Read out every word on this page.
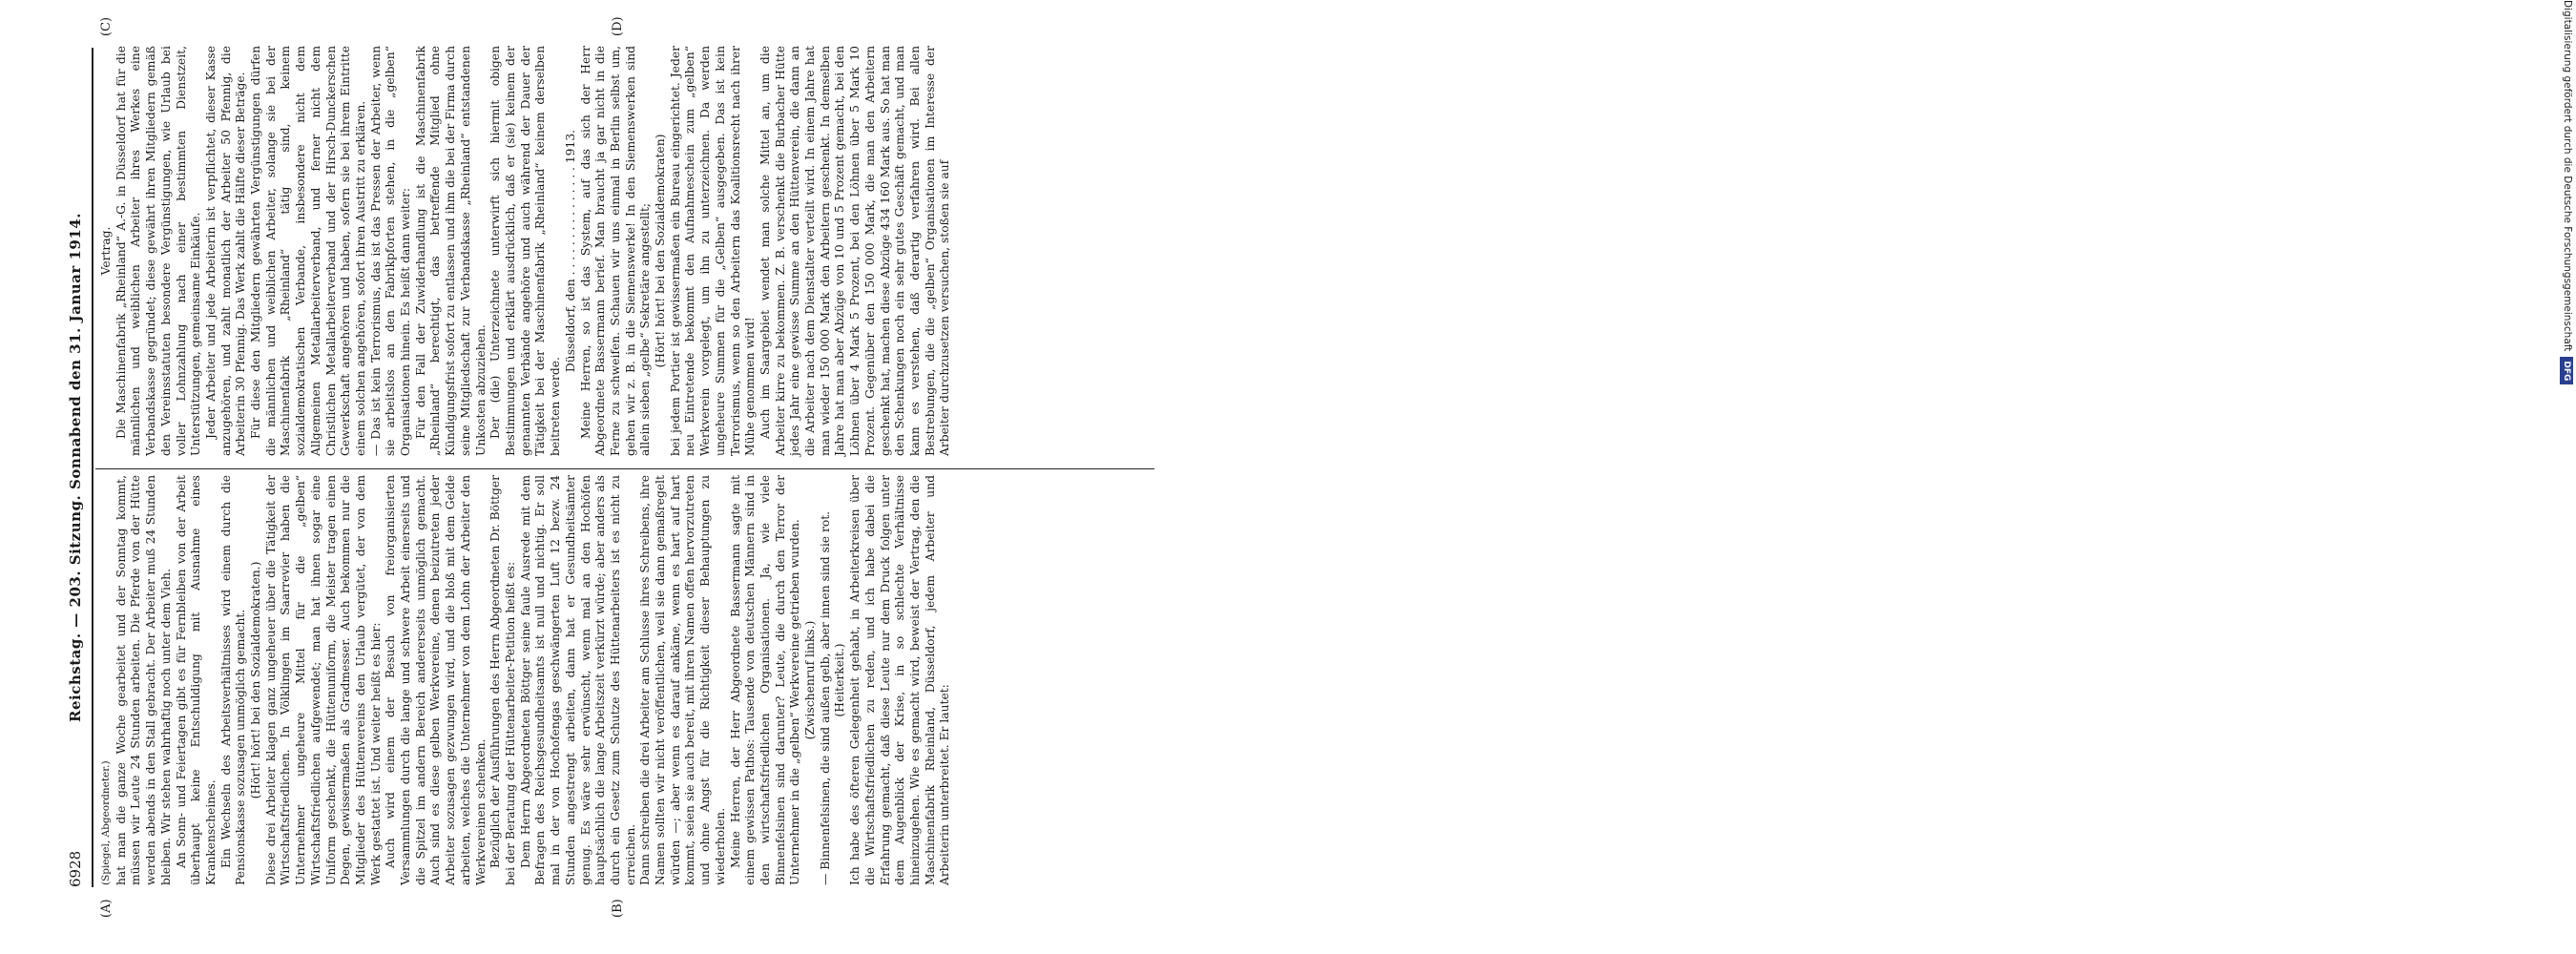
6928
Reichstag. — 203. Sitzung. Sonnabend den 31. Januar 1914.
(A)	(B)
(C)	(D)

(Spiegel, Abgeordneter.) hat man die ganze Woche gearbeitet und der Sonntag kommt, müssen wir Leute 24 Stunden arbeiten. Die Pferde von der Hütte werden abends in den Stall gebracht. Der Arbeiter muß 24 Stunden bleiben. Wir stehen wahrhaftig noch unter dem Vieh. An Sonn- und Feiertagen gibt es für Fernbleiben von der Arbeit überhaupt keine Entschuldigung mit Ausnahme eines Krankenscheines. Ein Wechseln des Arbeitsverhältnisses wird einem durch die Pensionskasse sozusagen unmöglich gemacht. (Hört! hört! bei den Sozialdemokraten.) Diese drei Arbeiter klagen ganz ungeheuer über die Tätigkeit der Wirtschaftsfriedlichen. In Völklingen im Saarrevier haben die Unternehmer ungeheure Mittel für die „gelben“ Wirtschaftsfriedlichen aufgewendet; man hat ihnen sogar eine Uniform geschenkt, die Hüttenuniform, die Meister tragen einen Degen, gewissermaßen als Gradmesser. Auch bekommen nur die Mitglieder des Hüttenvereins den Urlaub vergütet, der von dem Werk gestattet ist. Und weiter heißt es hier: Auch wird einem der Besuch von freiorganisierten Versammlungen durch die lange und schwere Arbeit einerseits und die Spitzel im andern Bereich andererseits unmöglich gemacht. Auch sind es diese gelben Werkvereine, denen beizutreten jeder Arbeiter sozusagen gezwungen wird, und die bloß mit dem Gelde arbeiten, welches die Unternehmer von dem Lohn der Arbeiter den Werkvereinen schenken. Bezüglich der Ausführungen des Herrn Abgeordneten Dr. Böttger bei der Beratung der Hüttenarbeiter-Petition heißt es: Dem Herrn Abgeordneten Böttger seine faule Ausrede mit dem Befragen des Reichsgesundheitsamts ist null und nichtig. Er soll mal in der von Hochofengas geschwängerten Luft 12 bezw. 24 Stunden angestrengt arbeiten, dann hat er Gesundheitsämter genug. Es wäre sehr erwünscht, wenn mal an den Hochöfen hauptsächlich die lange Arbeitszeit verkürzt würde; aber anders als durch ein Gesetz zum Schutze des Hüttenarbeiters ist es nicht zu erreichen. Dann schreiben die drei Arbeiter am Schlusse ihres Schreibens, ihre Namen sollten wir nicht veröffentlichen, weil sie dann gemaßregelt würden —; aber wenn es darauf ankäme, wenn es hart auf hart kommt, seien sie auch bereit, mit ihren Namen offen hervorzutreten und ohne Angst für die Richtigkeit dieser Behauptungen zu wiederholen. Meine Herren, der Herr Abgeordnete Bassermann sagte mit einem gewissen Pathos: Tausende von deutschen Männern sind in den wirtschaftsfriedlichen Organisationen. Ja, wie viele Binnenfelsinen sind darunter? Leute, die durch den Terror der Unternehmer in die „gelben“ Werkvereine getrieben wurden. (Zwischenruf links.) — Binnenfelsinen, die sind außen gelb, aber innen sind sie rot. (Heiterkeit.) Ich habe des öfteren Gelegenheit gehabt, in Arbeiterkreisen über die Wirtschaftsfriedlichen zu reden, und ich habe dabei die Erfahrung gemacht, daß diese Leute nur dem Druck folgen unter dem Augenblick der Krise, in so schlechte Verhältnisse hineinzugehen. Wie es gemacht wird, beweist der Vertrag, den die Maschinenfabrik Rheinland, Düsseldorf, jedem Arbeiter und Arbeiterin unterbreitet. Er lautet:

Vertrag. Die Maschinenfabrik „Rheinland“ A.-G. in Düsseldorf hat für die männlichen und weiblichen Arbeiter ihres Werkes eine Verbandskasse gegründet; diese gewährt ihren Mitgliedern gemäß den Vereinsstatuten besondere Vergünstigungen, wie Urlaub bei voller Lohnzahlung nach einer bestimmten Dienstzeit, Unterstützungen, gemeinsame Einkäufe. Jeder Arbeiter und jede Arbeiterin ist verpflichtet, dieser Kasse anzugehören, und zahlt monatlich der Arbeiter 50 Pfennig, die Arbeiterin 30 Pfennig. Das Werk zahlt die Hälfte dieser Beträge. Für diese den Mitgliedern gewährten Vergünstigungen dürfen die männlichen und weiblichen Arbeiter, solange sie bei der Maschinenfabrik „Rheinland“ tätig sind, keinem sozialdemokratischen Verbande, insbesondere nicht dem Allgemeinen Metallarbeiterverband, und ferner nicht dem Christlichen Metallarbeiterverband und der Hirsch-Dunckerschen Gewerkschaft angehören und haben, sofern sie bei ihrem Eintritte einem solchen angehören, sofort ihren Austritt zu erklären. — Das ist kein Terrorismus, das ist das Pressen der Arbeiter, wenn sie arbeitslos an den Fabrikpforten stehen, in die „gelben“ Organisationen hinein. Es heißt dann weiter: Für den Fall der Zuwiderhandlung ist die Maschinenfabrik „Rheinland“ berechtigt, das betreffende Mitglied ohne Kündigungsfrist sofort zu entlassen und ihm die bei der Firma durch seine Mitgliedschaft zur Verbandskasse „Rheinland“ entstandenen Unkosten abzuziehen. Der (die) Unterzeichnete unterwirft sich hiermit obigen Bestimmungen und erklärt ausdrücklich, daß er (sie) keinem der genannten Verbände angehöre und auch während der Dauer der Tätigkeit bei der Maschinenfabrik „Rheinland“ keinem derselben beitreten werde.

Düsseldorf, den . . . . . . . . . . . . . . . 1913. Meine Herren, so ist das System, auf das sich der Herr Abgeordnete Bassermann berief. Man braucht ja gar nicht in die Ferne zu schweifen. Schauen wir uns einmal in Berlin selbst um, gehen wir z. B. in die Siemenswerke! In den Siemenswerken sind allein sieben „gelbe“ Sekretäre angestellt; (Hört! hört! bei den Sozialdemokraten) bei jedem Portier ist gewissermaßen ein Bureau eingerichtet. Jeder neu Eintretende bekommt den Aufnahmeschein zum „gelben“ Werkverein vorgelegt, um ihn zu unterzeichnen. Da werden ungeheure Summen für die „Gelben“ ausgegeben. Das ist kein Terrorismus, wenn so den Arbeitern das Koalitionsrecht nach ihrer Mühe genommen wird! Auch im Saargebiet wendet man solche Mittel an, um die Arbeiter kirre zu bekommen. Z. B. verschenkt die Burbacher Hütte jedes Jahr eine gewisse Summe an den Hüttenverein, die dann an die Arbeiter nach dem Dienstalter verteilt wird. In einem Jahre hat man wieder 150 000 Mark den Arbeitern geschenkt. In demselben Jahre hat man aber Abzüge von 10 und 5 Prozent gemacht, bei den Löhnen über 4 Mark 5 Prozent, bei den Löhnen über 5 Mark 10 Prozent. Gegenüber den 150 000 Mark, die man den Arbeitern geschenkt hat, machen diese Abzüge 434 160 Mark aus. So hat man den Schenkungen noch ein sehr gutes Geschäft gemacht, und man kann es verstehen, daß derartig verfahren wird. Bei allen Bestrebungen, die die „gelben“ Organisationen im Interesse der Arbeiter durchzusetzen versuchen, stoßen sie auf	Digitalisierung gefördert durch die Deutsche ForschungsgemeinschaftDFG
